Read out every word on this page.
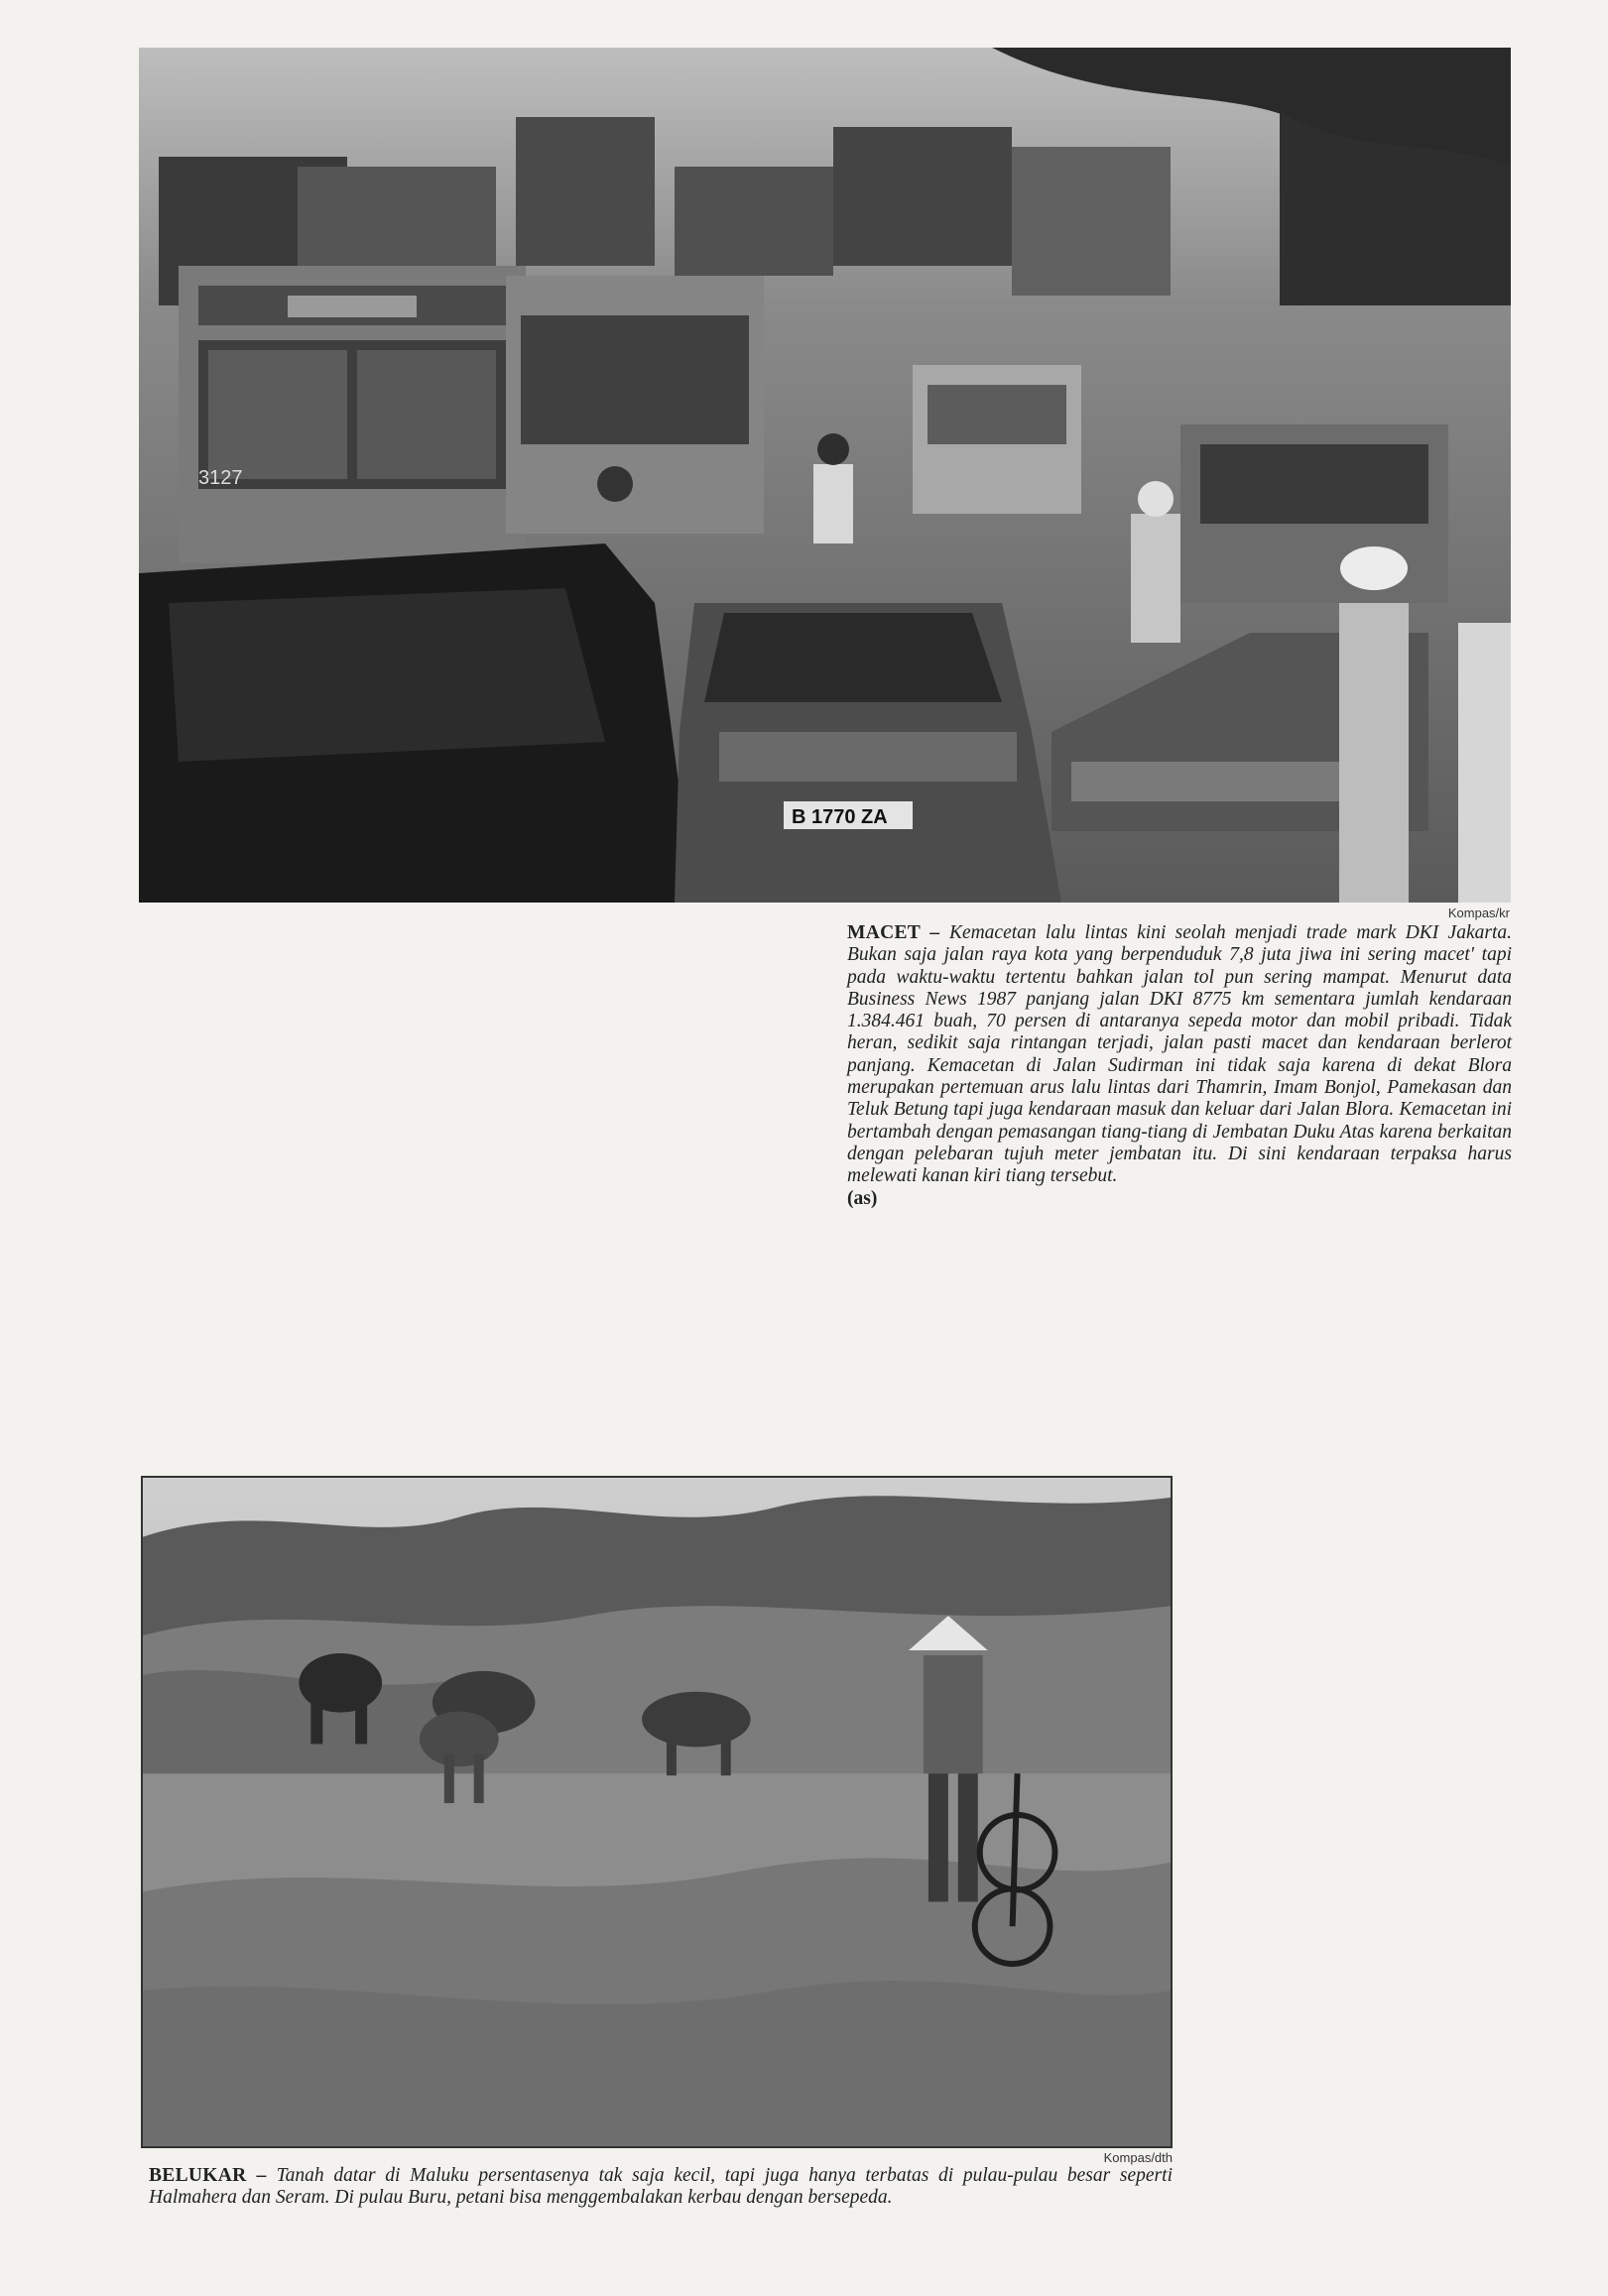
3127
B 1770 ZA
Kompas/kr
MACET – Kemacetan lalu lintas kini seolah menjadi trade mark DKI Jakarta. Bukan saja jalan raya kota yang berpenduduk 7,8 juta jiwa ini sering macet' tapi pada waktu-waktu tertentu bahkan jalan tol pun sering mampat. Menurut data Business News 1987 panjang jalan DKI 8775 km sementara jumlah kendaraan 1.384.461 buah, 70 persen di antaranya sepeda motor dan mobil pribadi. Tidak heran, sedikit saja rintangan terjadi, jalan pasti macet dan kendaraan berlerot panjang. Kemacetan di Jalan Sudirman ini tidak saja karena di dekat Blora merupakan pertemuan arus lalu lintas dari Thamrin, Imam Bonjol, Pamekasan dan Teluk Betung tapi juga kendaraan masuk dan keluar dari Jalan Blora. Kemacetan ini bertambah dengan pemasangan tiang-tiang di Jembatan Duku Atas karena berkaitan dengan pelebaran tujuh meter jembatan itu. Di sini kendaraan terpaksa harus melewati kanan kiri tiang tersebut.
(as)
Kompas/dth
BELUKAR – Tanah datar di Maluku persentasenya tak saja kecil, tapi juga hanya terbatas di pulau-pulau besar seperti Halmahera dan Seram. Di pulau Buru, petani bisa menggembalakan kerbau dengan bersepeda.
